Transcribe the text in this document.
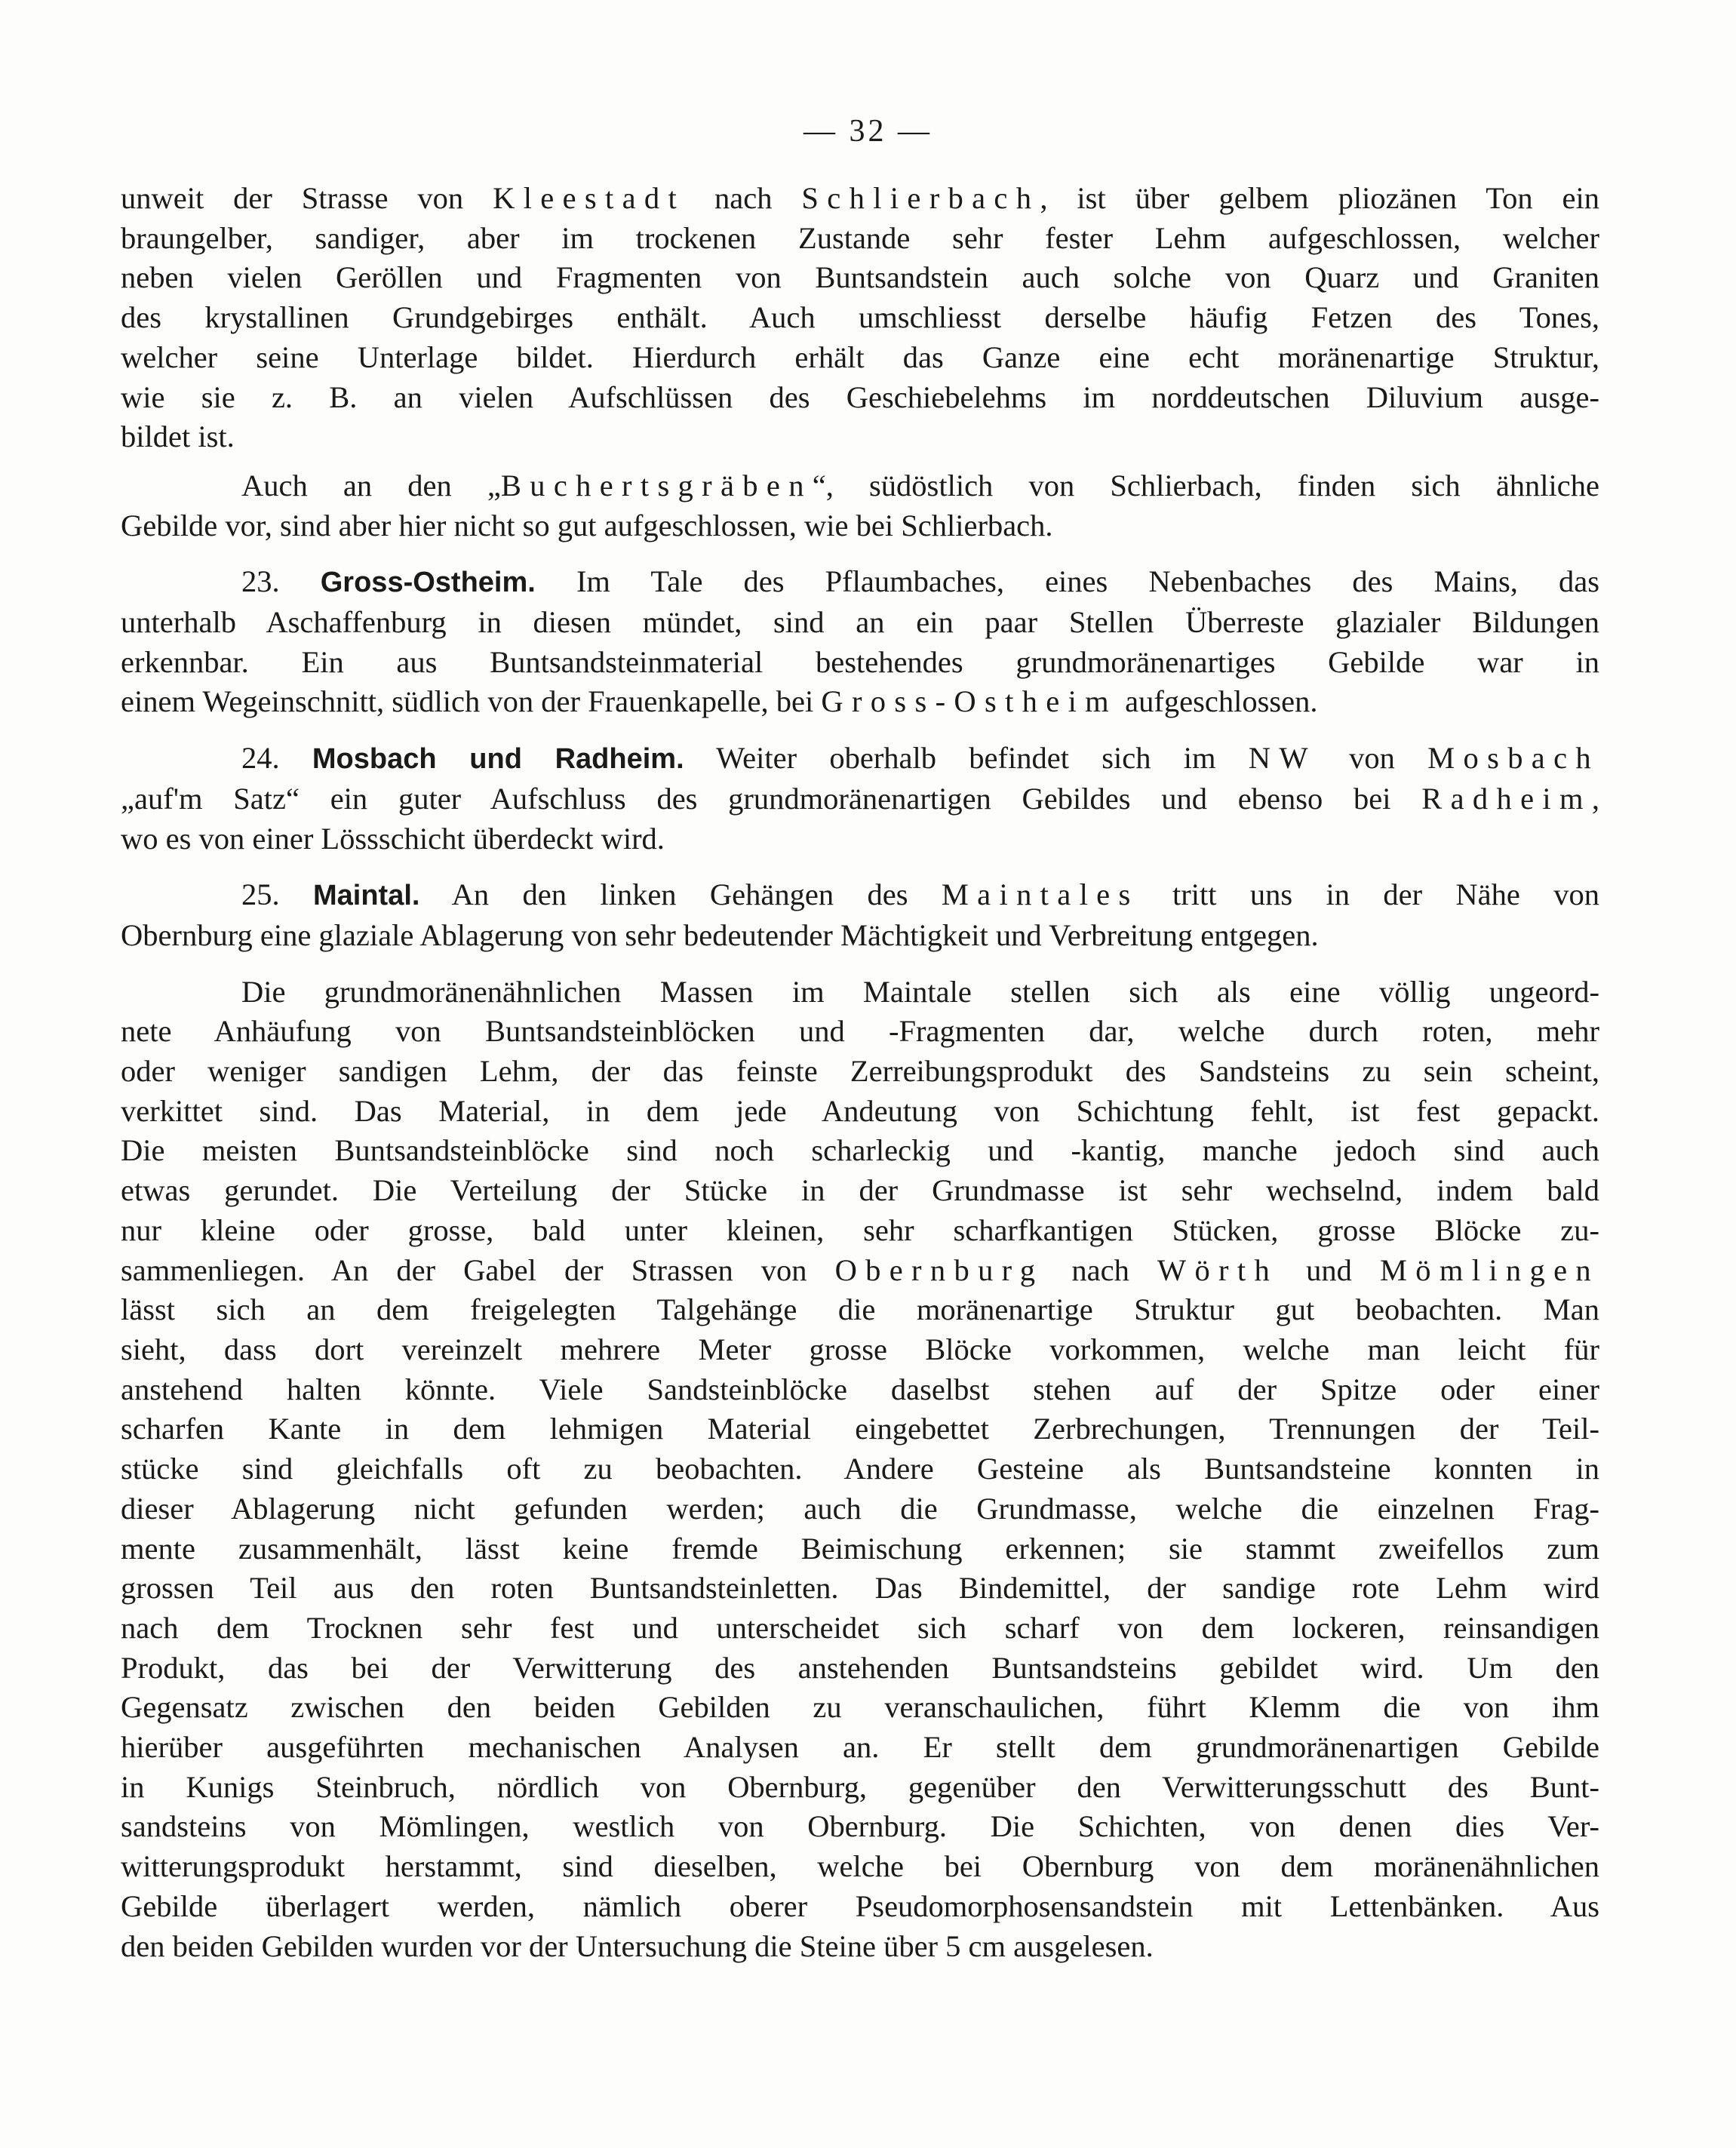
— 32 —
unweit der Strasse von Kleestadt nach Schlierbach, ist über gelbem pliozänen Ton ein
braungelber, sandiger, aber im trockenen Zustande sehr fester Lehm aufgeschlossen, welcher
neben vielen Geröllen und Fragmenten von Buntsandstein auch solche von Quarz und Graniten
des krystallinen Grundgebirges enthält. Auch umschliesst derselbe häufig Fetzen des Tones,
welcher seine Unterlage bildet. Hierdurch erhält das Ganze eine echt moränenartige Struktur,
wie sie z. B. an vielen Aufschlüssen des Geschiebelehms im norddeutschen Diluvium ausge-
bildet ist.
Auch an den „Buchertsgräben“, südöstlich von Schlierbach, finden sich ähnliche
Gebilde vor, sind aber hier nicht so gut aufgeschlossen, wie bei Schlierbach.
23. Gross-Ostheim. Im Tale des Pflaumbaches, eines Nebenbaches des Mains, das
unterhalb Aschaffenburg in diesen mündet, sind an ein paar Stellen Überreste glazialer Bildungen
erkennbar. Ein aus Buntsandsteinmaterial bestehendes grundmoränenartiges Gebilde war in
einem Wegeinschnitt, südlich von der Frauenkapelle, bei Gross-Ostheim aufgeschlossen.
24. Mosbach und Radheim. Weiter oberhalb befindet sich im NW von Mosbach
„auf'm Satz“ ein guter Aufschluss des grundmoränenartigen Gebildes und ebenso bei Radheim,
wo es von einer Lössschicht überdeckt wird.
25. Maintal. An den linken Gehängen des Maintales tritt uns in der Nähe von
Obernburg eine glaziale Ablagerung von sehr bedeutender Mächtigkeit und Verbreitung entgegen.
Die grundmoränenähnlichen Massen im Maintale stellen sich als eine völlig ungeord-
nete Anhäufung von Buntsandsteinblöcken und -Fragmenten dar, welche durch roten, mehr
oder weniger sandigen Lehm, der das feinste Zerreibungsprodukt des Sandsteins zu sein scheint,
verkittet sind. Das Material, in dem jede Andeutung von Schichtung fehlt, ist fest gepackt.
Die meisten Buntsandsteinblöcke sind noch scharleckig und -kantig, manche jedoch sind auch
etwas gerundet. Die Verteilung der Stücke in der Grundmasse ist sehr wechselnd, indem bald
nur kleine oder grosse, bald unter kleinen, sehr scharfkantigen Stücken, grosse Blöcke zu-
sammenliegen. An der Gabel der Strassen von Obernburg nach Wörth und Mömlingen
lässt sich an dem freigelegten Talgehänge die moränenartige Struktur gut beobachten. Man
sieht, dass dort vereinzelt mehrere Meter grosse Blöcke vorkommen, welche man leicht für
anstehend halten könnte. Viele Sandsteinblöcke daselbst stehen auf der Spitze oder einer
scharfen Kante in dem lehmigen Material eingebettet Zerbrechungen, Trennungen der Teil-
stücke sind gleichfalls oft zu beobachten. Andere Gesteine als Buntsandsteine konnten in
dieser Ablagerung nicht gefunden werden; auch die Grundmasse, welche die einzelnen Frag-
mente zusammenhält, lässt keine fremde Beimischung erkennen; sie stammt zweifellos zum
grossen Teil aus den roten Buntsandsteinletten. Das Bindemittel, der sandige rote Lehm wird
nach dem Trocknen sehr fest und unterscheidet sich scharf von dem lockeren, reinsandigen
Produkt, das bei der Verwitterung des anstehenden Buntsandsteins gebildet wird. Um den
Gegensatz zwischen den beiden Gebilden zu veranschaulichen, führt Klemm die von ihm
hierüber ausgeführten mechanischen Analysen an. Er stellt dem grundmoränenartigen Gebilde
in Kunigs Steinbruch, nördlich von Obernburg, gegenüber den Verwitterungsschutt des Bunt-
sandsteins von Mömlingen, westlich von Obernburg. Die Schichten, von denen dies Ver-
witterungsprodukt herstammt, sind dieselben, welche bei Obernburg von dem moränenähnlichen
Gebilde überlagert werden, nämlich oberer Pseudomorphosensandstein mit Lettenbänken. Aus
den beiden Gebilden wurden vor der Untersuchung die Steine über 5 cm ausgelesen.
